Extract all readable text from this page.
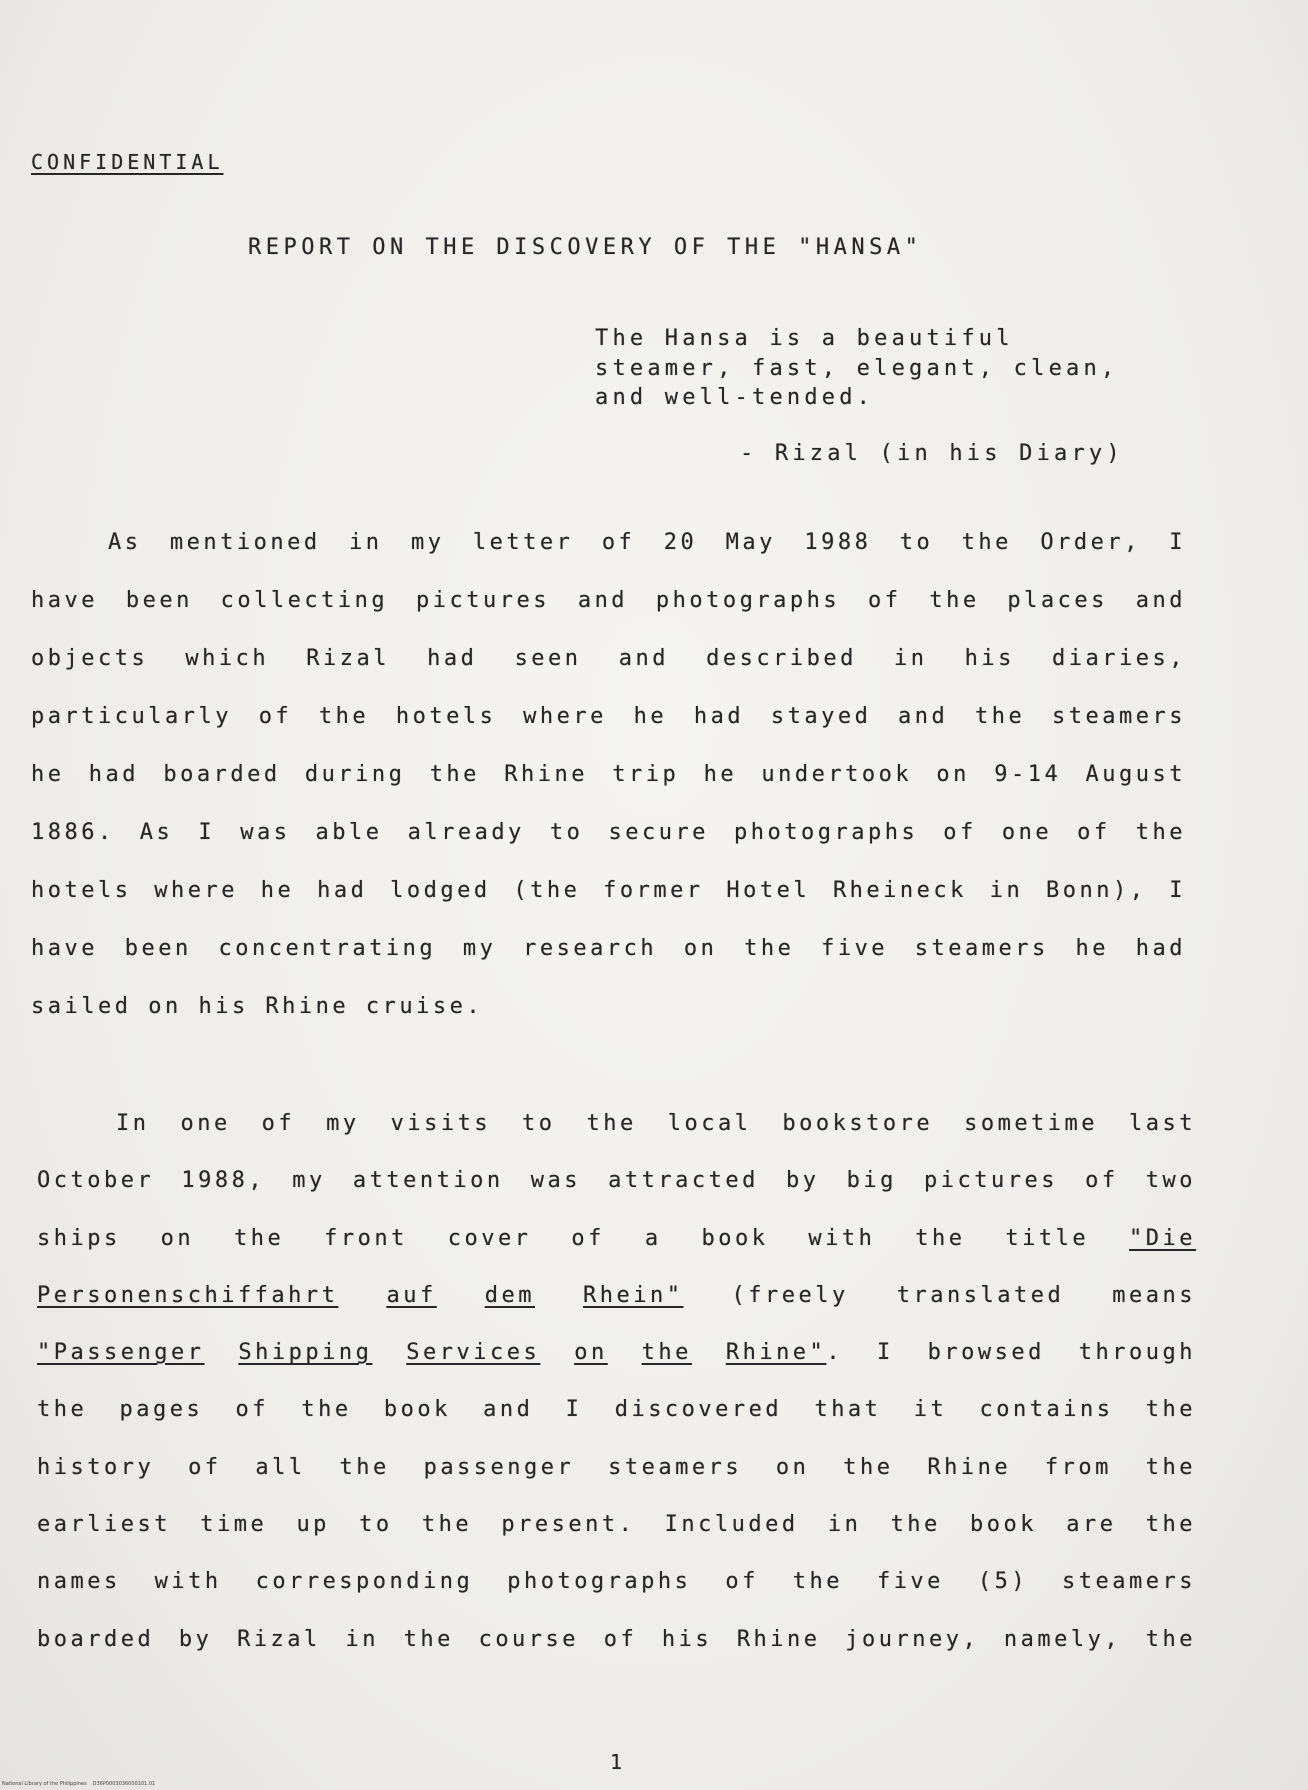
CONFIDENTIAL
REPORT ON THE DISCOVERY OF THE "HANSA"
The Hansa is a beautiful
steamer, fast, elegant, clean,
and well-tended.
- Rizal (in his Diary)
As mentioned in my letter of 20 May 1988 to the Order, I
have been collecting pictures and photographs of the places and
objects which Rizal had seen and described in his diaries,
particularly of the hotels where he had stayed and the steamers
he had boarded during the Rhine trip he undertook on 9-14 August
1886. As I was able already to secure photographs of one of the
hotels where he had lodged (the former Hotel Rheineck in Bonn), I
have been concentrating my research on the five steamers he had
sailed on his Rhine cruise.
In one of my visits to the local bookstore sometime last
October 1988, my attention was attracted by big pictures of two
ships on the front cover of a book with the title "Die
Personenschiffahrt auf dem Rhein" (freely translated means
"Passenger Shipping Services on the Rhine". I browsed through
the pages of the book and I discovered that it contains the
history of all the passenger steamers on the Rhine from the
earliest time up to the present. Included in the book are the
names with corresponding photographs of the five (5) steamers
boarded by Rizal in the course of his Rhine journey, namely, the
1
National Library of the Philippines D36P0003036000101.01
